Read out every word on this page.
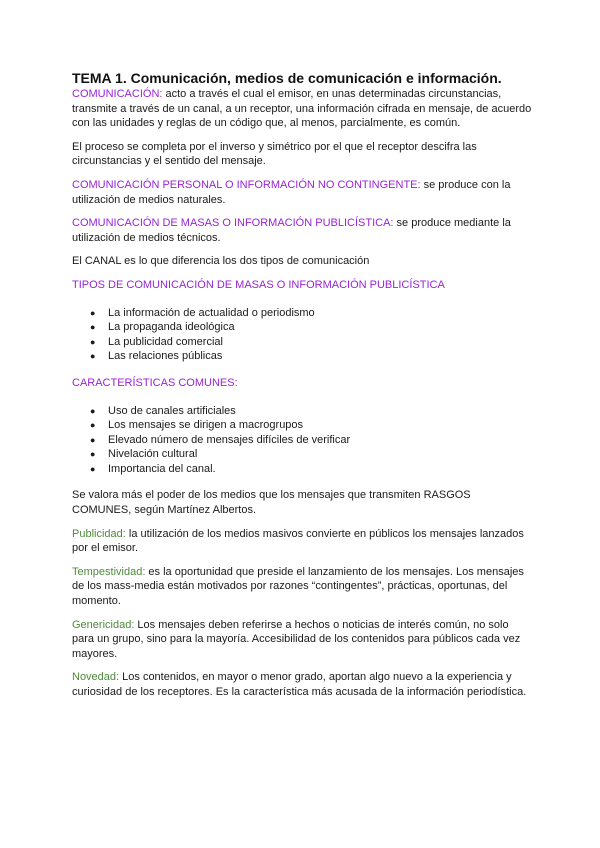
TEMA 1. Comunicación, medios de comunicación e información.

COMUNICACIÓN: acto a través el cual el emisor, en unas determinadas circunstancias, transmite a través de un canal, a un receptor, una información cifrada en mensaje, de acuerdo con las unidades y reglas de un código que, al menos, parcialmente, es común.

El proceso se completa por el inverso y simétrico por el que el receptor descifra las circunstancias y el sentido del mensaje.

COMUNICACIÓN PERSONAL O INFORMACIÓN NO CONTINGENTE: se produce con la utilización de medios naturales.

COMUNICACIÓN DE MASAS O INFORMACIÓN PUBLICÍSTICA: se produce mediante la utilización de medios técnicos.

El CANAL es lo que diferencia los dos tipos de comunicación

TIPOS DE COMUNICACIÓN DE MASAS O INFORMACIÓN PUBLICÍSTICA

● La información de actualidad o periodismo
● La propaganda ideológica
● La publicidad comercial
● Las relaciones públicas

CARACTERÍSTICAS COMUNES:

● Uso de canales artificiales
● Los mensajes se dirigen a macrogrupos
● Elevado número de mensajes difíciles de verificar
● Nivelación cultural
● Importancia del canal.

Se valora más el poder de los medios que los mensajes que transmiten RASGOS COMUNES, según Martínez Albertos.

Publicidad: la utilización de los medios masivos convierte en públicos los mensajes lanzados por el emisor.

Tempestividad: es la oportunidad que preside el lanzamiento de los mensajes. Los mensajes de los mass-media están motivados por razones “contingentes”, prácticas, oportunas, del momento.

Genericidad: Los mensajes deben referirse a hechos o noticias de interés común, no solo para un grupo, sino para la mayoría. Accesibilidad de los contenidos para públicos cada vez mayores.

Novedad: Los contenidos, en mayor o menor grado, aportan algo nuevo a la experiencia y curiosidad de los receptores. Es la característica más acusada de la información periodística.
